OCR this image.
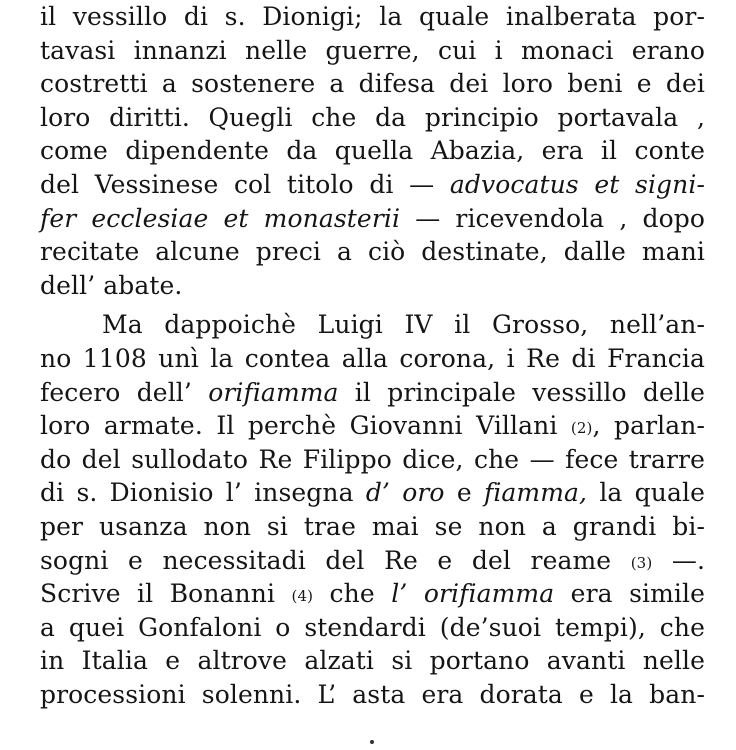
il vessillo di s. Dionigi; la quale inalberata por-
tavasi innanzi nelle guerre, cui i monaci erano
costretti a sostenere a difesa dei loro beni e dei
loro diritti. Quegli che da principio portavala ,
come dipendente da quella Abazia, era il conte
del Vessinese col titolo di — advocatus et signi-
fer ecclesiae et monasterii — ricevendola , dopo
recitate alcune preci a ciò destinate, dalle mani
dell’ abate.
Ma dappoichè Luigi IV il Grosso, nell’an-
no 1108 unì la contea alla corona, i Re di Francia
fecero dell’ orifiamma il principale vessillo delle
loro armate. Il perchè Giovanni Villani (2), parlan-
do del sullodato Re Filippo dice, che — fece trarre
di s. Dionisio l’ insegna d’ oro e fiamma, la quale
per usanza non si trae mai se non a grandi bi-
sogni e necessitadi del Re e del reame (3) —.
Scrive il Bonanni (4) che l’ orifiamma era simile
a quei Gonfaloni o stendardi (de’suoi tempi), che
in Italia e altrove alzati si portano avanti nelle
processioni solenni. L’ asta era dorata e la ban-
